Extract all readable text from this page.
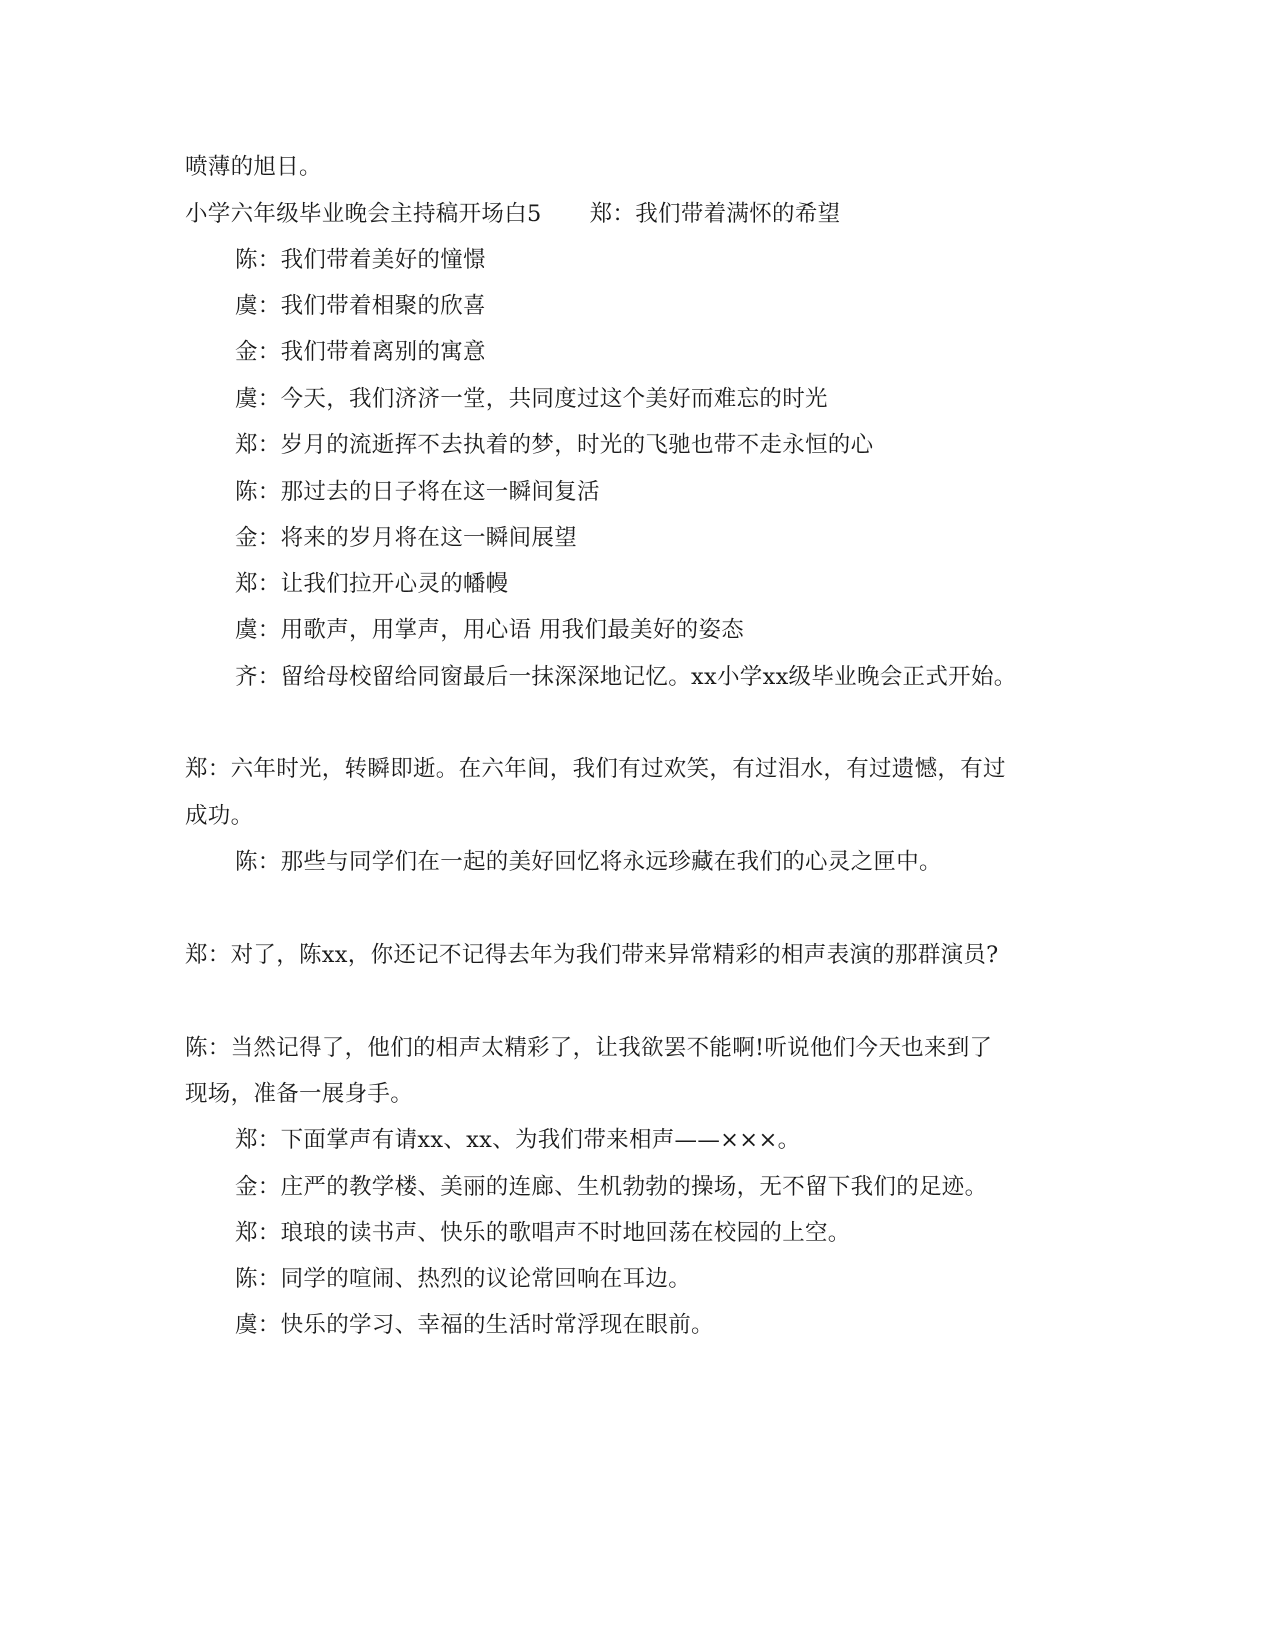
喷薄的旭日。
小学六年级毕业晚会主持稿开场白5 郑：我们带着满怀的希望
陈：我们带着美好的憧憬
虞：我们带着相聚的欣喜
金：我们带着离别的寓意
虞：今天，我们济济一堂，共同度过这个美好而难忘的时光
郑：岁月的流逝挥不去执着的梦，时光的飞驰也带不走永恒的心
陈：那过去的日子将在这一瞬间复活
金：将来的岁月将在这一瞬间展望
郑：让我们拉开心灵的幡幔
虞：用歌声，用掌声，用心语 用我们最美好的姿态
齐：留给母校留给同窗最后一抹深深地记忆。xx小学xx级毕业晚会正式开始。
郑：六年时光，转瞬即逝。在六年间，我们有过欢笑，有过泪水，有过遗憾，有过
成功。
陈：那些与同学们在一起的美好回忆将永远珍藏在我们的心灵之匣中。
郑：对了，陈xx，你还记不记得去年为我们带来异常精彩的相声表演的那群演员?
陈：当然记得了，他们的相声太精彩了，让我欲罢不能啊!听说他们今天也来到了
现场，准备一展身手。
郑：下面掌声有请xx、xx、为我们带来相声——×××。
金：庄严的教学楼、美丽的连廊、生机勃勃的操场，无不留下我们的足迹。
郑：琅琅的读书声、快乐的歌唱声不时地回荡在校园的上空。
陈：同学的喧闹、热烈的议论常回响在耳边。
虞：快乐的学习、幸福的生活时常浮现在眼前。
